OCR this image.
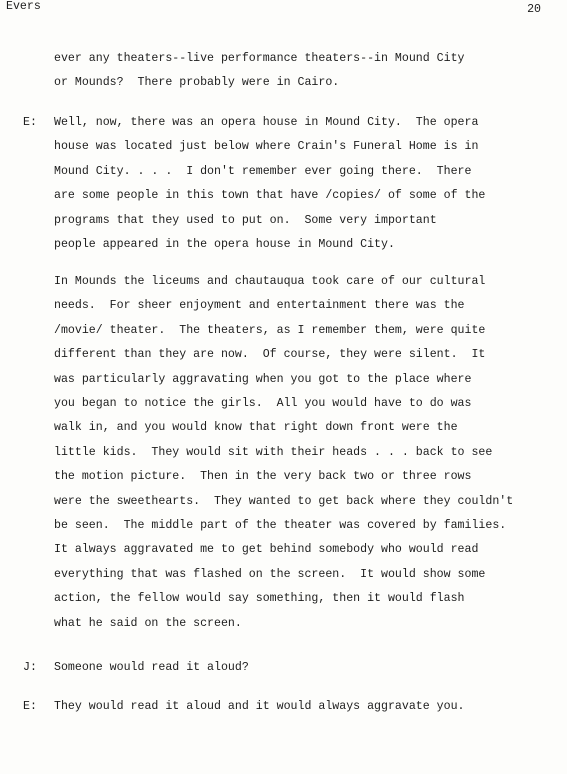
Evers	20
ever any theaters--live performance theaters--in Mound City
or Mounds?  There probably were in Cairo.
E: Well, now, there was an opera house in Mound City.  The opera
house was located just below where Crain's Funeral Home is in
Mound City. . . .  I don't remember ever going there.  There
are some people in this town that have /copies/ of some of the
programs that they used to put on.  Some very important
people appeared in the opera house in Mound City.
In Mounds the liceums and chautauqua took care of our cultural
needs.  For sheer enjoyment and entertainment there was the
/movie/ theater.  The theaters, as I remember them, were quite
different than they are now.  Of course, they were silent.  It
was particularly aggravating when you got to the place where
you began to notice the girls.  All you would have to do was
walk in, and you would know that right down front were the
little kids.  They would sit with their heads . . . back to see
the motion picture.  Then in the very back two or three rows
were the sweethearts.  They wanted to get back where they couldn't
be seen.  The middle part of the theater was covered by families.
It always aggravated me to get behind somebody who would read
everything that was flashed on the screen.  It would show some
action, the fellow would say something, then it would flash
what he said on the screen.
J: Someone would read it aloud?
E: They would read it aloud and it would always aggravate you.
